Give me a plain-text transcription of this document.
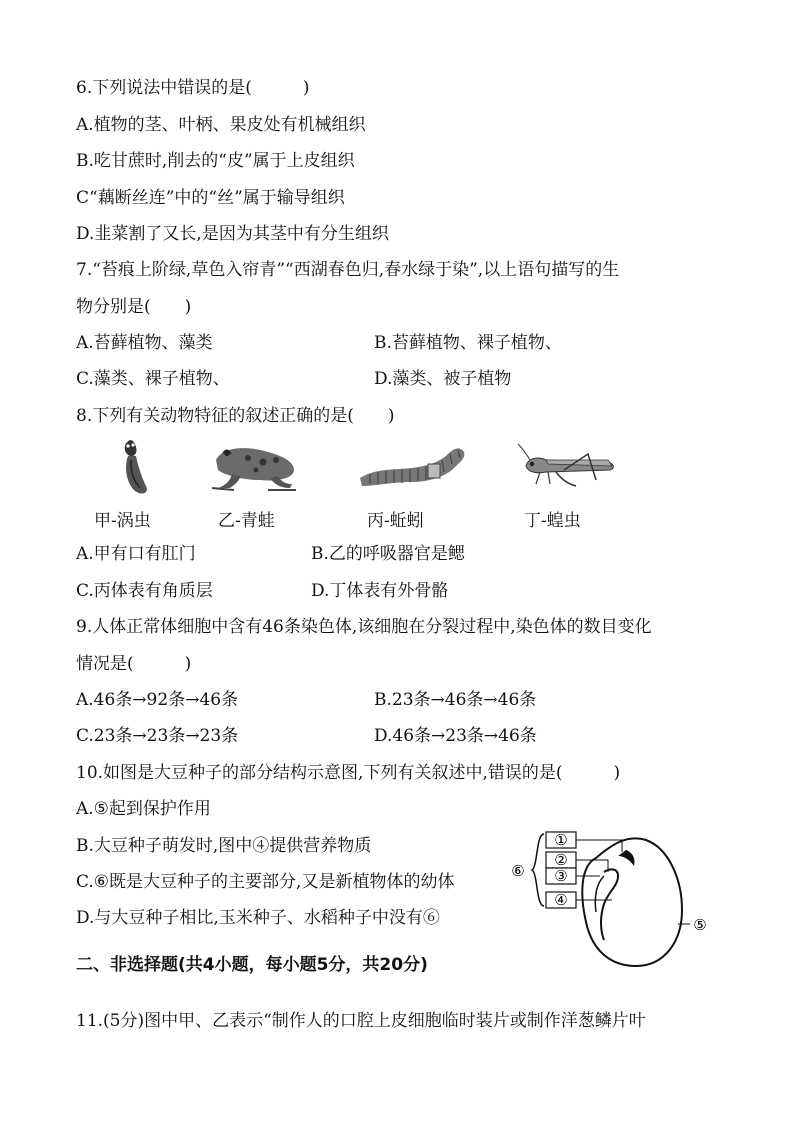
6.下列说法中错误的是(　　　)
A.植物的茎、叶柄、果皮处有机械组织
B.吃甘蔗时,削去的“皮”属于上皮组织
C“藕断丝连”中的“丝”属于输导组织
D.韭菜割了又长,是因为其茎中有分生组织
7.“苔痕上阶绿,草色入帘青”“西湖春色归,春水绿于染”,以上语句描写的生
物分别是(　　)
A.苔藓植物、藻类	B.苔藓植物、裸子植物、
C.藻类、裸子植物、	D.藻类、被子植物
8.下列有关动物特征的叙述正确的是(　　)
甲-涡虫	乙-青蛙	丙-蚯蚓	丁-蝗虫
A.甲有口有肛门	B.乙的呼吸器官是鳃
C.丙体表有角质层	D.丁体表有外骨骼
9.人体正常体细胞中含有46条染色体,该细胞在分裂过程中,染色体的数目变化
情况是(　　　)
A.46条→92条→46条	B.23条→46条→46条
C.23条→23条→23条	D.46条→23条→46条
10.如图是大豆种子的部分结构示意图,下列有关叙述中,错误的是(　　　)
A.⑤起到保护作用
B.大豆种子萌发时,图中④提供营养物质
C.⑥既是大豆种子的主要部分,又是新植物体的幼体
D.与大豆种子相比,玉米种子、水稻种子中没有⑥
①
②
③
④
⑥
⑤
二、非选择题(共4小题，每小题5分，共20分)
11.(5分)图中甲、乙表示“制作人的口腔上皮细胞临时装片或制作洋葱鳞片叶
